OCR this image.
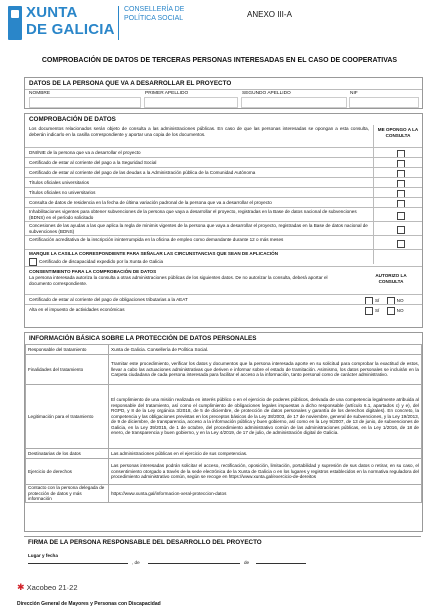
XUNTA
DE GALICIA
CONSELLERÍA DE POLÍTICA SOCIAL	ANEXO III-A
COMPROBACIÓN DE DATOS DE TERCERAS PERSONAS INTERESADAS EN EL CASO DE COOPERATIVAS
DATOS DE LA PERSONA QUE VA A DESARROLLAR EL PROYECTO
NOMBRE	PRIMER APELLIDO	SEGUNDO APELLIDO	NIF
COMPROBACIÓN DE DATOS
Los documentos relacionados serán objeto de consulta a las administraciones públicas. En caso de que las personas interesadas se opongan a esta consulta, deberán indicarlo en la casilla correspondiente y aportar una copia de los documentos.
ME OPONGO A LA CONSULTA
DNI/NIE de la persona que va a desarrollar el proyecto
Certificado de estar al corriente del pago a la Seguridad Social
Certificado de estar al corriente del pago de las deudas a la Administración pública de la Comunidad Autónoma
Títulos oficiales universitarios
Títulos oficiales no universitarios
Consulta de datos de residencia en la fecha de última variación padronal de la persona que va a desarrollar el proyecto
Inhabilitaciones vigentes para obtener subvenciones de la persona que vaya a desarrollar el proyecto, registradas en la Base de datos nacional de subvenciones (BDNS) en el período solicitado
Concesiones de las ayudas a las que aplica la regla de minimis vigentes de la persona que vaya a desarrollar el proyecto, registradas en la Base de datos nacional de subvenciones (BDNS)
Certificación acreditativa de la inscripción ininterrumpida en la oficina de empleo como demandante durante 12 o más meses
MARQUE LA CASILLA CORRESPONDIENTE PARA SEÑALAR LAS CIRCUNSTANCIAS QUE SEAN DE APLICACIÓN
Certificado de discapacidad expedido por la Xunta de Galicia
CONSENTIMIENTO PARA LA COMPROBACIÓN DE DATOS
La persona interesada autoriza la consulta a otras administraciones públicas de los siguientes datos. De no autorizar la consulta, deberá aportar el documento correspondiente.
AUTORIZO LA CONSULTA
Certificado de estar al corriente del pago de obligaciones tributarias a la AEAT	SÍ	NO
Alta en el impuesto de actividades económicas	SÍ	NO
INFORMACIÓN BÁSICA SOBRE LA PROTECCIÓN DE DATOS PERSONALES
Responsable del tratamiento	Xunta de Galicia. Consellería de Política Social.
Finalidades del tratamiento	Tramitar este procedimiento, verificar los datos y documentos que la persona interesada aporte en su solicitud para comprobar la exactitud de estos, llevar a cabo las actuaciones administrativas que deriven e informar sobre el estado de tramitación. Asimismo, los datos personales se incluirán en la Carpeta ciudadana de cada persona interesada para facilitar el acceso a la información, tanto personal como de carácter administrativo.
Legitimación para el tratamiento	El cumplimiento de una misión realizada en interés público o en el ejercicio de poderes públicos, derivada de una competencia legalmente atribuida al responsable del tratamiento, así como el cumplimiento de obligaciones legales impuestas a dicho responsable (artículo 6.1, apartados c) y e), del RGPD, y 8 de la Ley orgánica 3/2018, de 5 de diciembre, de protección de datos personales y garantía de los derechos digitales). En concreto, la competencia y las obligaciones previstas en los preceptos básicos de la Ley 38/2003, de 17 de noviembre, general de subvenciones, y la Ley 19/2013, de 9 de diciembre, de transparencia, acceso a la información pública y buen gobierno, así como en la Ley 9/2007, de 13 de junio, de subvenciones de Galicia, en la Ley 39/2015, de 1 de octubre, del procedimiento administrativo común de las administraciones públicas, en la Ley 1/2016, de 18 de enero, de transparencia y buen gobierno, y en la Ley 4/2019, de 17 de julio, de administración digital de Galicia.
Destinatarias de los datos	Las administraciones públicas en el ejercicio de sus competencias.
Ejercicio de derechos	Las personas interesadas podrán solicitar el acceso, rectificación, oposición, limitación, portabilidad y supresión de sus datos o retirar, en su caso, el consentimiento otorgado a través de la sede electrónica de la Xunta de Galicia o en los lugares y registros establecidos en la normativa reguladora del procedimiento administrativo común, según se recoge en https://www.xunta.gal/exercicio-de-dereitos
Contacto con la persona delegada de protección de datos y más información	https://www.xunta.gal/informacion-xeral-proteccion-datos
FIRMA DE LA PERSONA RESPONSABLE DEL DESARROLLO DEL PROYECTO
Lugar y fecha
, de	de
✱ Xacobeo 21·22
Dirección General de Mayores y Personas con Discapacidad
